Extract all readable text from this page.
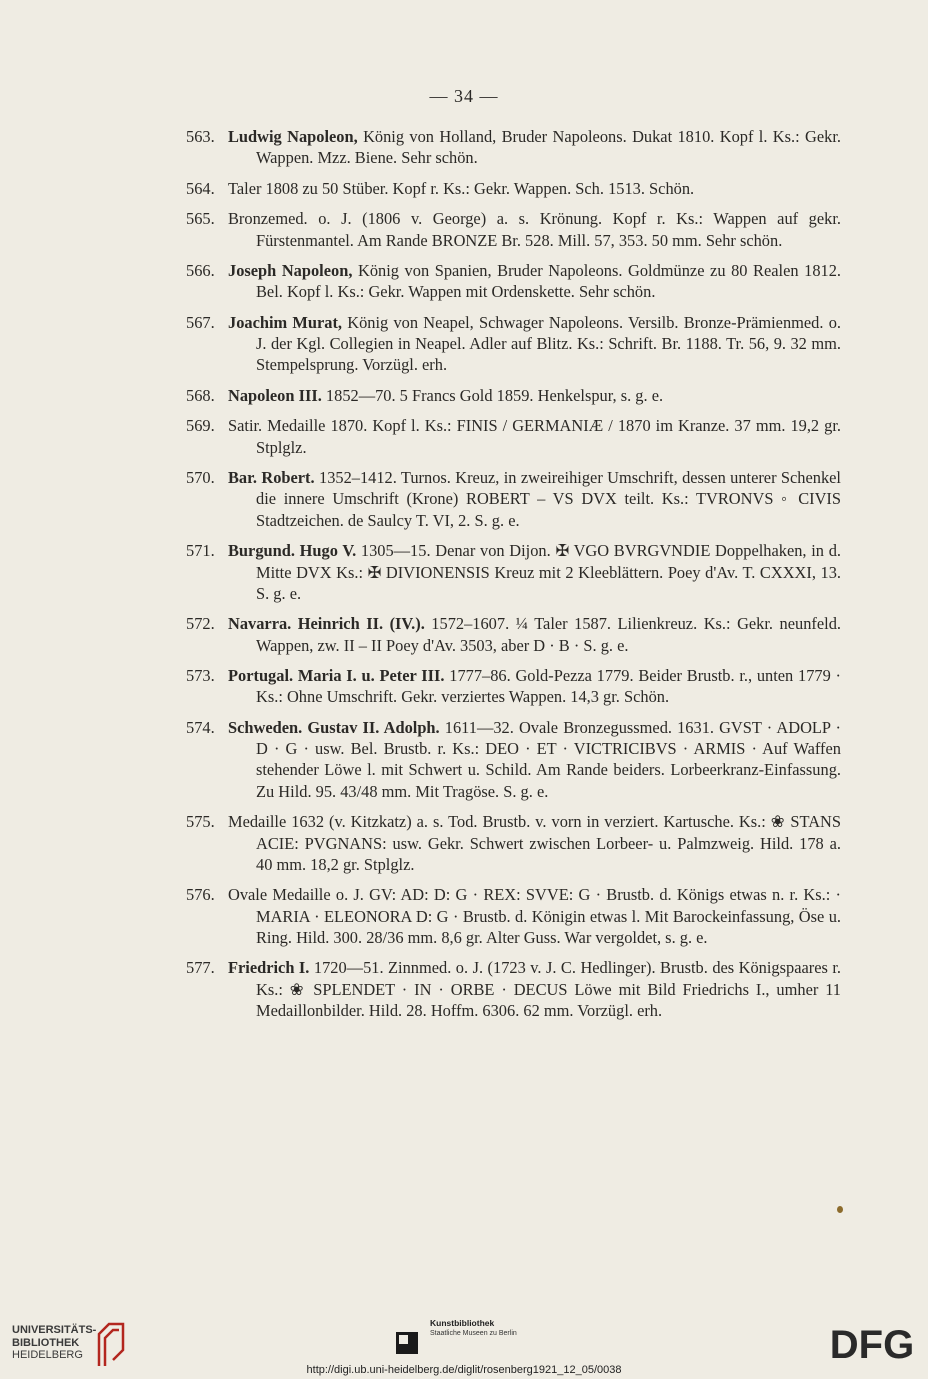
— 34 —

563. Ludwig Napoleon, König von Holland, Bruder Napoleons. Dukat 1810. Kopf l. Ks.: Gekr. Wappen. Mzz. Biene. Sehr schön.

564. Taler 1808 zu 50 Stüber. Kopf r. Ks.: Gekr. Wappen. Sch. 1513. Schön.

565. Bronzemed. o. J. (1806 v. George) a. s. Krönung. Kopf r. Ks.: Wappen auf gekr. Fürstenmantel. Am Rande BRONZE Br. 528. Mill. 57, 353. 50 mm. Sehr schön.

566. Joseph Napoleon, König von Spanien, Bruder Napoleons. Goldmünze zu 80 Realen 1812. Bel. Kopf l. Ks.: Gekr. Wappen mit Ordenskette. Sehr schön.

567. Joachim Murat, König von Neapel, Schwager Napoleons. Versilb. Bronze-Prämienmed. o. J. der Kgl. Collegien in Neapel. Adler auf Blitz. Ks.: Schrift. Br. 1188. Tr. 56, 9. 32 mm. Stempelsprung. Vorzügl. erh.

568. Napoleon III. 1852—70. 5 Francs Gold 1859. Henkelspur, s. g. e.

569. Satir. Medaille 1870. Kopf l. Ks.: FINIS / GERMANIÆ / 1870 im Kranze. 37 mm. 19,2 gr. Stplglz.

570. Bar. Robert. 1352–1412. Turnos. Kreuz, in zweireihiger Umschrift, dessen unterer Schenkel die innere Umschrift (Krone) ROBERT – VS DVX teilt. Ks.: TVRONVS ◦ CIVIS Stadtzeichen. de Saulcy T. VI, 2. S. g. e.

571. Burgund. Hugo V. 1305—15. Denar von Dijon. ✠ VGO BVRGVNDIE Doppelhaken, in d. Mitte DVX Ks.: ✠ DIVIONENSIS Kreuz mit 2 Kleeblättern. Poey d'Av. T. CXXXI, 13. S. g. e.

572. Navarra. Heinrich II. (IV.). 1572–1607. ¼ Taler 1587. Lilienkreuz. Ks.: Gekr. neunfeld. Wappen, zw. II – II Poey d'Av. 3503, aber D · B · S. g. e.

573. Portugal. Maria I. u. Peter III. 1777–86. Gold-Pezza 1779. Beider Brustb. r., unten 1779 · Ks.: Ohne Umschrift. Gekr. verziertes Wappen. 14,3 gr. Schön.

574. Schweden. Gustav II. Adolph. 1611—32. Ovale Bronzegussmed. 1631. GVST · ADOLP · D · G · usw. Bel. Brustb. r. Ks.: DEO · ET · VICTRICIBVS · ARMIS · Auf Waffen stehender Löwe l. mit Schwert u. Schild. Am Rande beiders. Lorbeerkranz-Einfassung. Zu Hild. 95. 43/48 mm. Mit Tragöse. S. g. e.

575. Medaille 1632 (v. Kitzkatz) a. s. Tod. Brustb. v. vorn in verziert. Kartusche. Ks.: ❀ STANS ACIE: PVGNANS: usw. Gekr. Schwert zwischen Lorbeer- u. Palmzweig. Hild. 178 a. 40 mm. 18,2 gr. Stplglz.

576. Ovale Medaille o. J. GV: AD: D: G · REX: SVVE: G · Brustb. d. Königs etwas n. r. Ks.: · MARIA · ELEONORA D: G · Brustb. d. Königin etwas l. Mit Barockeinfassung, Öse u. Ring. Hild. 300. 28/36 mm. 8,6 gr. Alter Guss. War vergoldet, s. g. e.

577. Friedrich I. 1720—51. Zinnmed. o. J. (1723 v. J. C. Hedlinger). Brustb. des Königspaares r. Ks.: ❀ SPLENDET · IN · ORBE · DECUS Löwe mit Bild Friedrichs I., umher 11 Medaillonbilder. Hild. 28. Hoffm. 6306. 62 mm. Vorzügl. erh.

UNIVERSITÄTS-
BIBLIOTHEK
HEIDELBERG
Kunstbibliothek
Staatliche Museen zu Berlin	DFG
http://digi.ub.uni-heidelberg.de/diglit/rosenberg1921_12_05/0038
